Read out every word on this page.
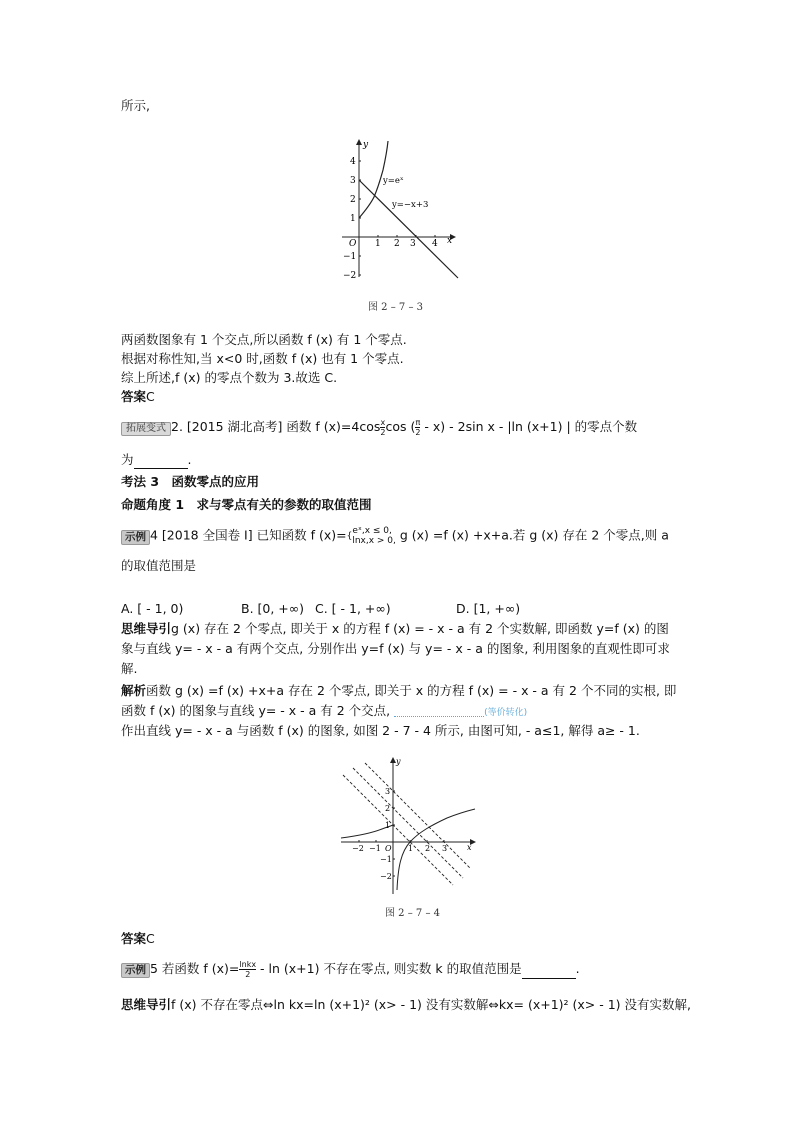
所示,
y=eˣ
y=−x+3
x
y
O 1 2 3 4
4
3
2
1
−1
−2
图 2 – 7 – 3
两函数图象有 1 个交点,所以函数 f (x) 有 1 个零点.
根据对称性知,当 x<0 时,函数 f (x) 也有 1 个零点.
综上所述,f (x) 的零点个数为 3.故选 C.
答案C
拓展变式 2. [2015 湖北高考] 函数 f $(x)=4\cos \frac{x}{2}$ cos ( $\frac{\pi}{2} - x) - 2\sin$ x - |ln (x+1) | 的零点个数
为	.
考法 3　函数零点的应用
命题角度 1　求与零点有关的参数的取值范围
示例 4 [2018 全国卷 Ⅰ] 已知函数 f (x)={
eˣ,x ≤ 0,
lnx,x > 0, g (x) =f (x) +x+a.若 g (x) 存在 2 个零点,则 a
的取值范围是
A. [ - 1, 0)	B. [0, +∞) C. [ - 1, +∞)	D. [1, +∞)
思维导引g (x) 存在 2 个零点, 即关于 x 的方程 f (x) = - x - a 有 2 个实数解, 即函数 y=f (x) 的图
象与直线 y= - x - a 有两个交点, 分别作出 y=f (x) 与 y= - x - a 的图象, 利用图象的直观性即可求
解.
解析函数 g (x) =f (x) +x+a 存在 2 个零点, 即关于 x 的方程 f (x) = - x - a 有 2 个不同的实根, 即
函数 f (x) 的图象与直线 y= - x - a 有 2 个交点,	(等价转化)
作出直线 y= - x - a 与函数 f (x) 的图象, 如图 2 - 7 - 4 所示, 由图可知, - a≤1, 解得 a≥ - 1.
x
y
O
−2 −1	1 2 3
3
2
1
−1
−2
图 2 – 7 – 4
答案C
示例 5 若函数 f $(x)= \frac{\text{lnkx}}{2} - \ln (x+1)$ 不存在零点, 则实数 k 的取值范围是	.
思维导引f (x) 不存在零点⇔ln kx=ln (x+1)² (x> - 1) 没有实数解⇔kx= (x+1)² (x> - 1) 没有实数解,
